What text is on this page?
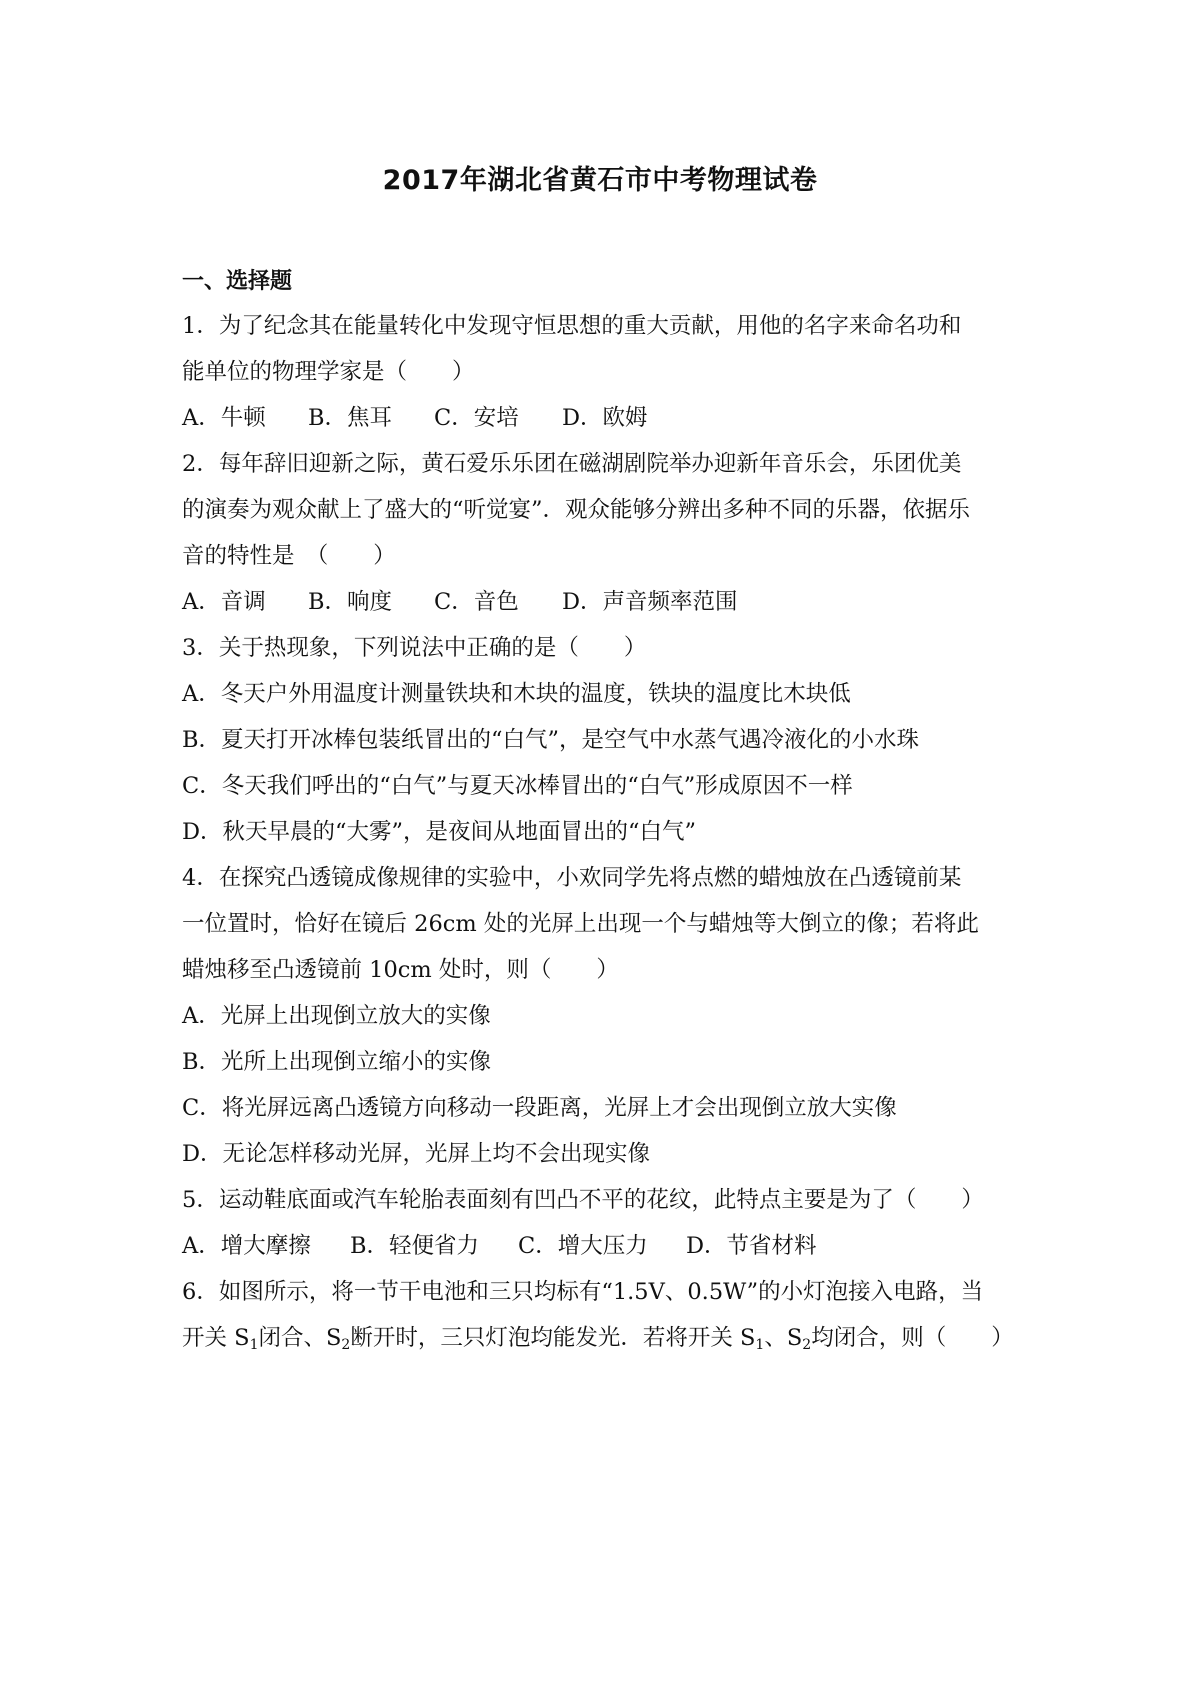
2017年湖北省黄石市中考物理试卷
一、选择题
1．为了纪念其在能量转化中发现守恒思想的重大贡献，用他的名字来命名功和
能单位的物理学家是（　　）
A．牛顿 B．焦耳 C．安培 D．欧姆
2．每年辞旧迎新之际，黄石爱乐乐团在磁湖剧院举办迎新年音乐会，乐团优美
的演奏为观众献上了盛大的“听觉宴”．观众能够分辨出多种不同的乐器，依据乐
音的特性是　（　　）
A．音调 B．响度 C．音色 D．声音频率范围
3．关于热现象，下列说法中正确的是（　　）
A．冬天户外用温度计测量铁块和木块的温度，铁块的温度比木块低
B．夏天打开冰棒包装纸冒出的“白气”，是空气中水蒸气遇冷液化的小水珠
C．冬天我们呼出的“白气”与夏天冰棒冒出的“白气”形成原因不一样
D．秋天早晨的“大雾”，是夜间从地面冒出的“白气”
4．在探究凸透镜成像规律的实验中，小欢同学先将点燃的蜡烛放在凸透镜前某
一位置时，恰好在镜后 26cm 处的光屏上出现一个与蜡烛等大倒立的像；若将此
蜡烛移至凸透镜前 10cm 处时，则（　　）
A．光屏上出现倒立放大的实像
B．光所上出现倒立缩小的实像
C．将光屏远离凸透镜方向移动一段距离，光屏上才会出现倒立放大实像
D．无论怎样移动光屏，光屏上均不会出现实像
5．运动鞋底面或汽车轮胎表面刻有凹凸不平的花纹，此特点主要是为了（　　）
A．增大摩擦 B．轻便省力 C．增大压力 D．节省材料
6．如图所示，将一节干电池和三只均标有“1.5V、0.5W”的小灯泡接入电路，当
开关 $S_1$闭合、$S_2$断开时，三只灯泡均能发光．若将开关 $S_1$、$S_2$均闭合，则（　　）
